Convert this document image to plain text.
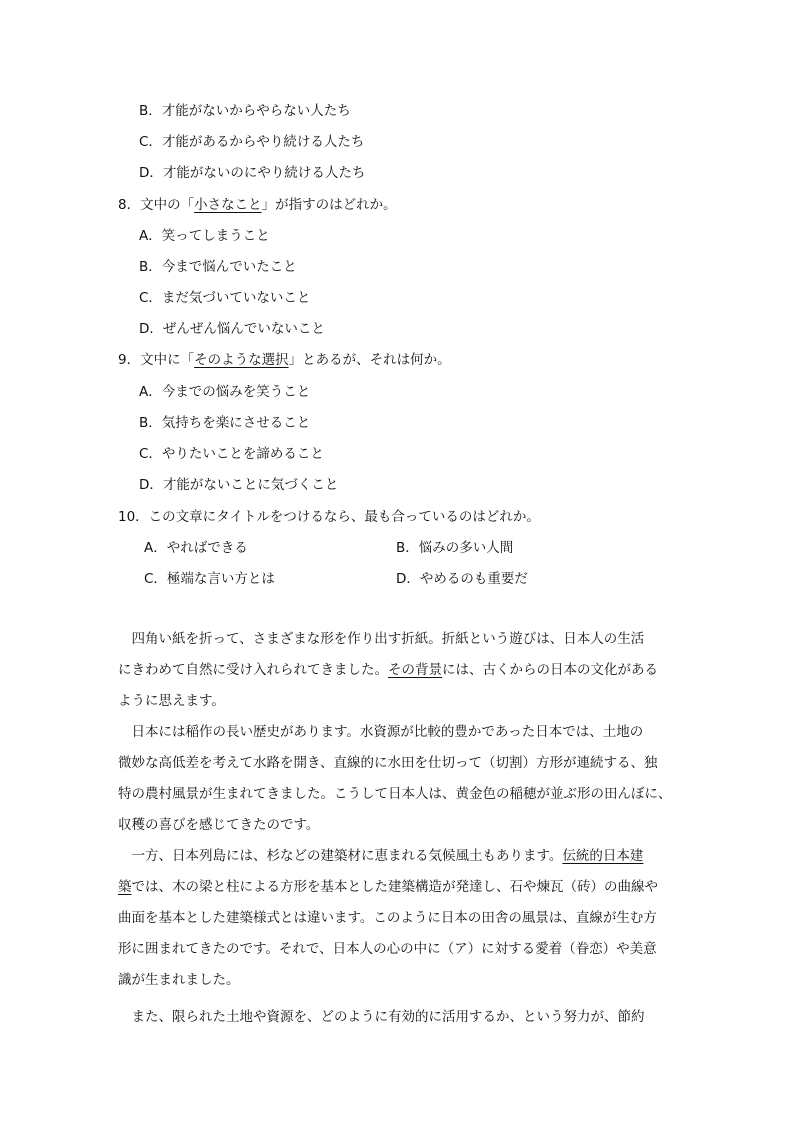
B．才能がないからやらない人たち
C．才能があるからやり続ける人たち
D．才能がないのにやり続ける人たち
8．文中の「小さなこと」が指すのはどれか。
A．笑ってしまうこと
B．今まで悩んでいたこと
C．まだ気づいていないこと
D．ぜんぜん悩んでいないこと
9．文中に「そのような選択」とあるが、それは何か。
A．今までの悩みを笑うこと
B．気持ちを楽にさせること
C．やりたいことを諦めること
D．才能がないことに気づくこと
10．この文章にタイトルをつけるなら、最も合っているのはどれか。
A．やればできる	B．悩みの多い人間
C．極端な言い方とは	D．やめるのも重要だ
　四角い紙を折って、さまざまな形を作り出す折紙。折紙という遊びは、日本人の生活
にきわめて自然に受け入れられてきました。その背景には、古くからの日本の文化がある
ように思えます。
　日本には稲作の長い歴史があります。水資源が比較的豊かであった日本では、土地の
微妙な高低差を考えて水路を開き、直線的に水田を仕切って（切割）方形が連続する、独
特の農村風景が生まれてきました。こうして日本人は、黄金色の稲穂が並ぶ形の田んぼに、
収穫の喜びを感じてきたのです。
　一方、日本列島には、杉などの建築材に恵まれる気候風土もあります。伝統的日本建
築では、木の梁と柱による方形を基本とした建築構造が発達し、石や煉瓦（砖）の曲線や
曲面を基本とした建築様式とは違います。このように日本の田舎の風景は、直線が生む方
形に囲まれてきたのです。それで、日本人の心の中に（ア）に対する愛着（眷恋）や美意
識が生まれました。
　また、限られた土地や資源を、どのように有効的に活用するか、という努力が、節約
